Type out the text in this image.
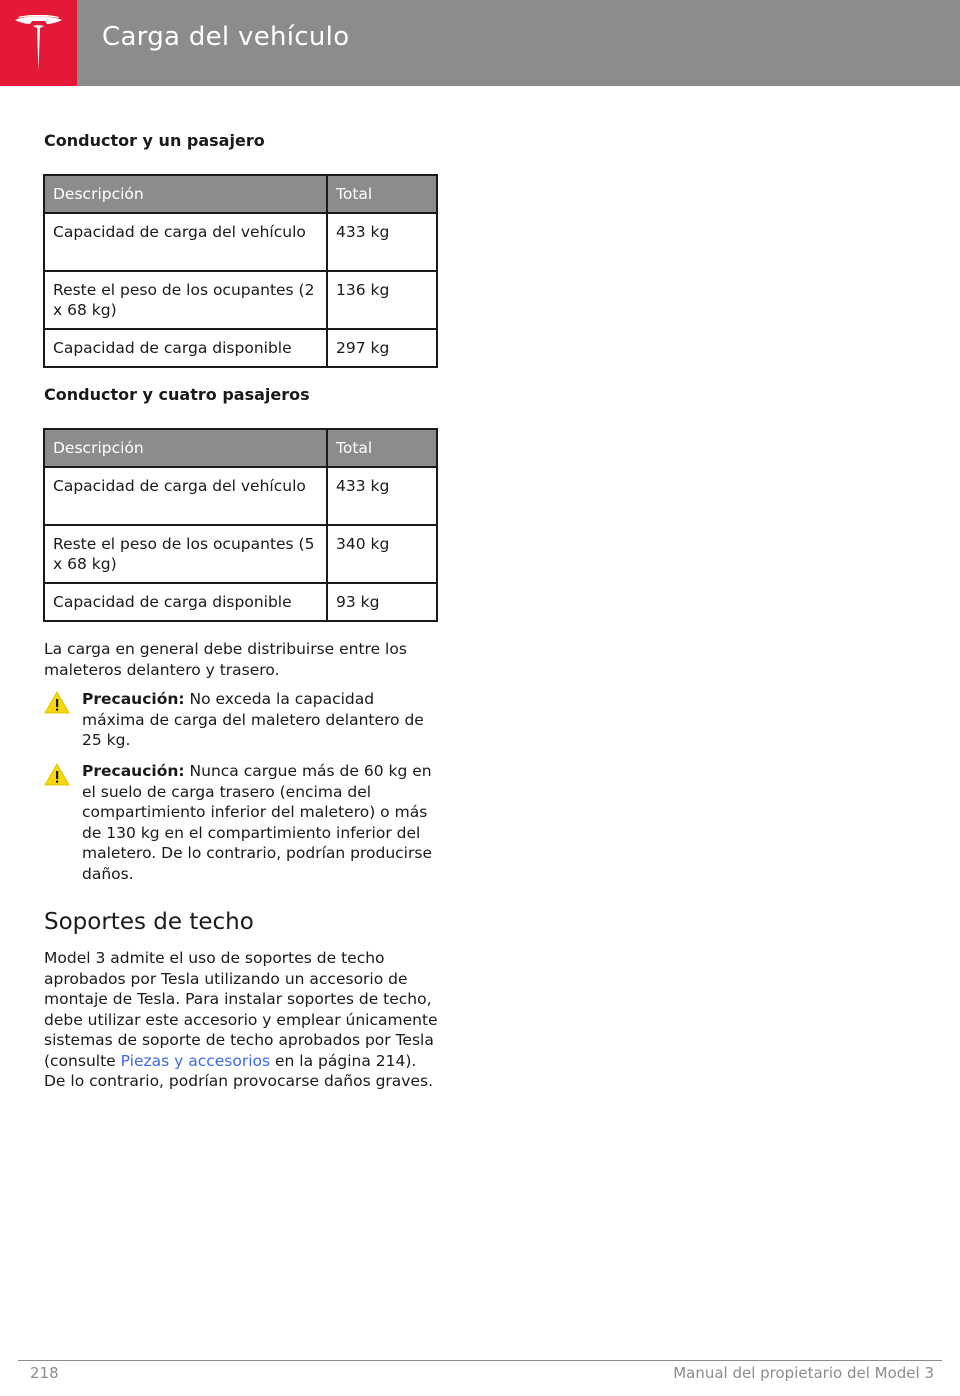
Carga del vehículo
Conductor y un pasajero
Descripción	Total
Capacidad de carga del vehículo	433 kg
Reste el peso de los ocupantes (2 x 68 kg)	136 kg
Capacidad de carga disponible	297 kg
Conductor y cuatro pasajeros
Descripción	Total
Capacidad de carga del vehículo	433 kg
Reste el peso de los ocupantes (5 x 68 kg)	340 kg
Capacidad de carga disponible	93 kg
La carga en general debe distribuirse entre los maleteros delantero y trasero.
Precaución: No exceda la capacidad máxima de carga del maletero delantero de 25 kg.
Precaución: Nunca cargue más de 60 kg en el suelo de carga trasero (encima del compartimiento inferior del maletero) o más de 130 kg en el compartimiento inferior del maletero. De lo contrario, podrían producirse daños.
Soportes de techo
Model 3 admite el uso de soportes de techo aprobados por Tesla utilizando un accesorio de montaje de Tesla. Para instalar soportes de techo, debe utilizar este accesorio y emplear únicamente sistemas de soporte de techo aprobados por Tesla (consulte Piezas y accesorios en la página 214). De lo contrario, podrían provocarse daños graves.
218	Manual del propietario del Model 3
